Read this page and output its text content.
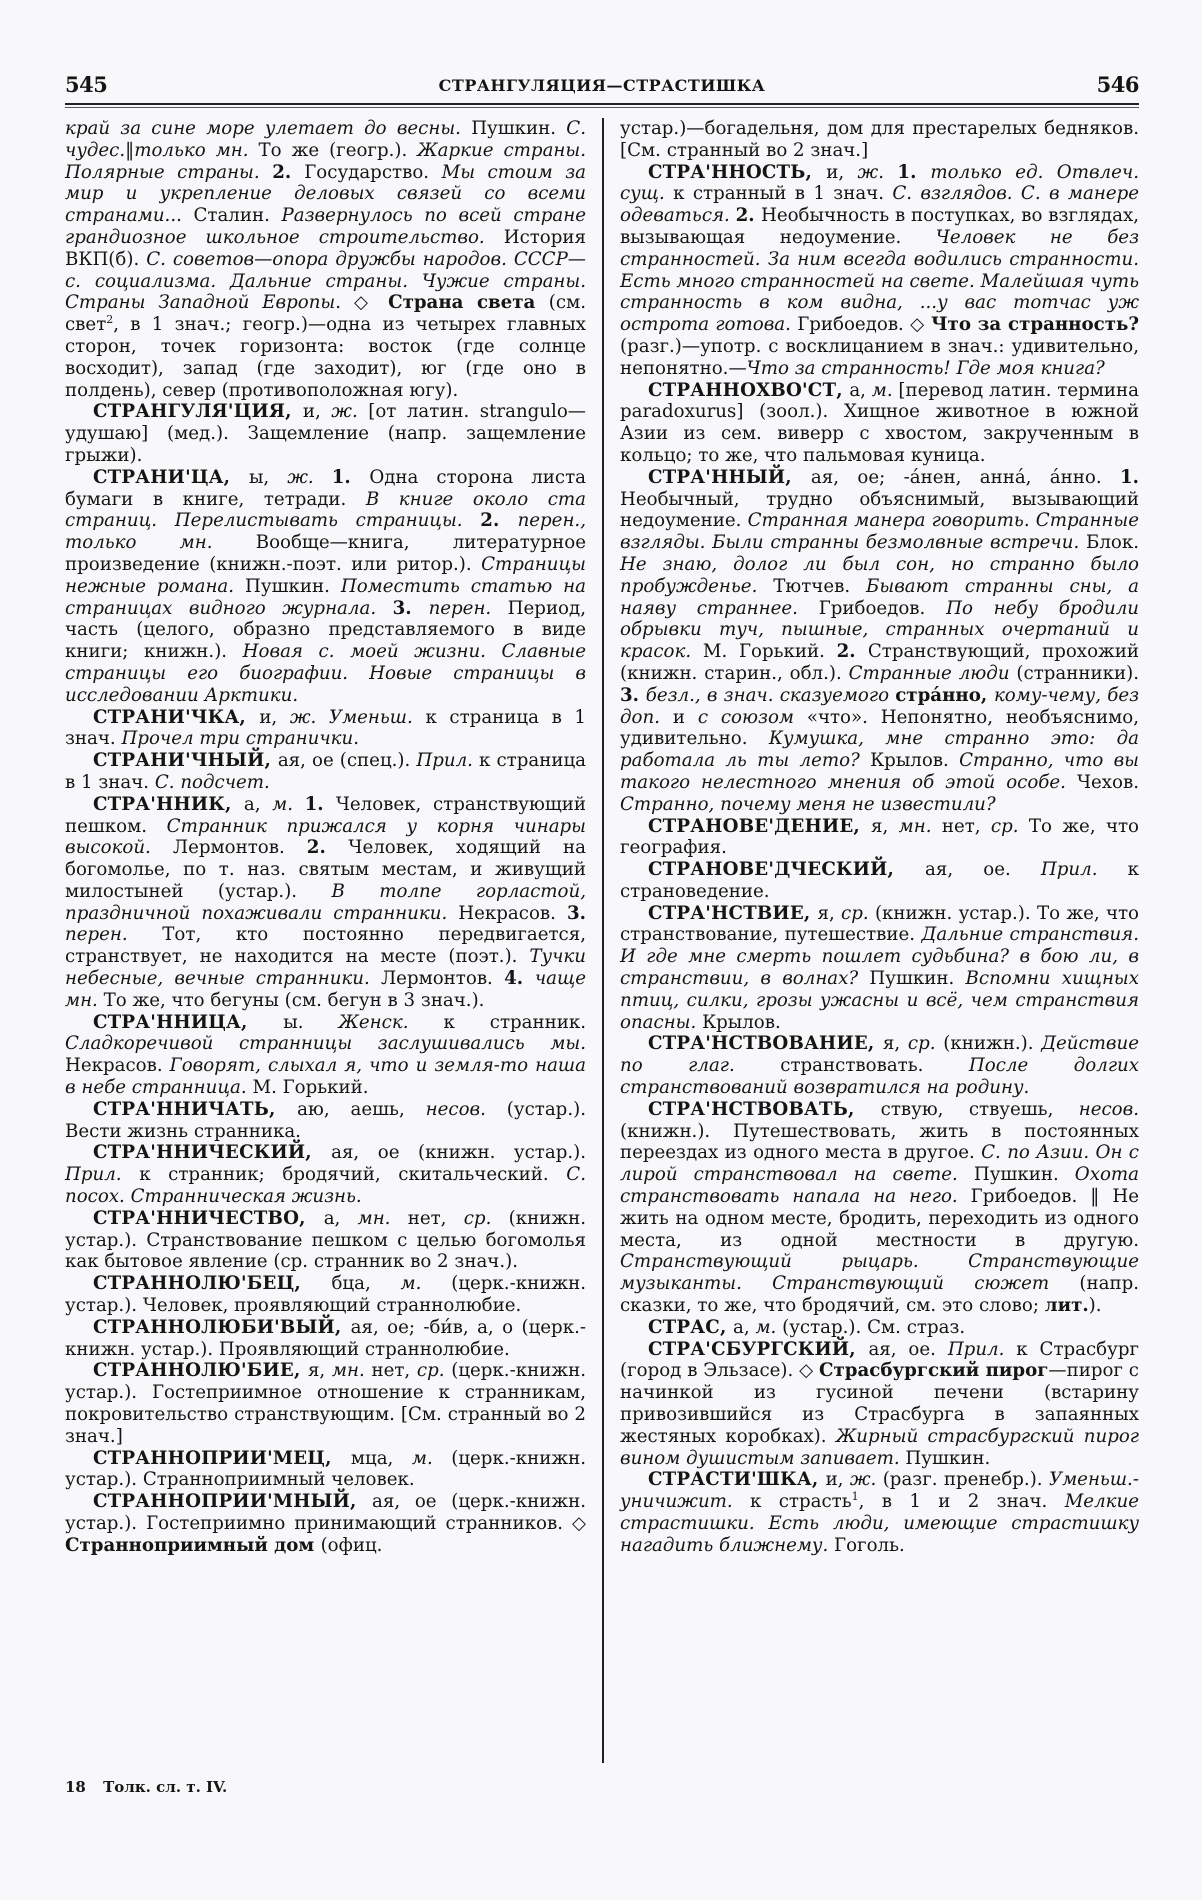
545	СТРАНГУЛЯЦИЯ—СТРАСТИШКА	546

край за сине море улетает до весны. Пушкин. С. чудес.‖только мн. То же (геогр.). Жаркие страны. Полярные страны. 2. Государство. Мы стоим за мир и укрепление деловых связей со всеми странами... Сталин. Развернулось по всей стране грандиозное школьное строительство. История ВКП(б). С. советов—опора дружбы народов. СССР—с. социализма. Дальние страны. Чужие страны. Страны Западной Европы. ◇ Страна света (см. свет$^2$, в 1 знач.; геогр.)—одна из четырех главных сторон, точек горизонта: восток (где солнце восходит), запад (где заходит), юг (где оно в полдень), север (противоположная югу).

СТРАНГУЛЯ'ЦИЯ, и, ж. [от латин. strangulo—удушаю] (мед.). Защемление (напр. защемление грыжи).

СТРАНИ'ЦА, ы, ж. 1. Одна сторона листа бумаги в книге, тетради. В книге около ста страниц. Перелистывать страницы. 2. перен., только мн. Вообще—книга, литературное произведение (книжн.-поэт. или ритор.). Страницы нежные романа. Пушкин. Поместить статью на страницах видного журнала. 3. перен. Период, часть (целого, образно представляемого в виде книги; книжн.). Новая с. моей жизни. Славные страницы его биографии. Новые страницы в исследовании Арктики.

СТРАНИ'ЧКА, и, ж. Уменьш. к страница в 1 знач. Прочел три странички.

СТРАНИ'ЧНЫЙ, ая, ое (спец.). Прил. к страница в 1 знач. С. подсчет.

СТРА'ННИК, а, м. 1. Человек, странствующий пешком. Странник прижался у корня чинары высокой. Лермонтов. 2. Человек, ходящий на богомолье, по т. наз. святым местам, и живущий милостыней (устар.). В толпе горластой, праздничной похаживали странники. Некрасов. 3. перен. Тот, кто постоянно передвигается, странствует, не находится на месте (поэт.). Тучки небесные, вечные странники. Лермонтов. 4. чаще мн. То же, что бегуны (см. бегун в 3 знач.).

СТРА'ННИЦА, ы. Женск. к странник. Сладкоречивой странницы заслушивались мы. Некрасов. Говорят, слыхал я, что и земля-то наша в небе странница. М. Горький.

СТРА'ННИЧАТЬ, аю, аешь, несов. (устар.). Вести жизнь странника.

СТРА'ННИЧЕСКИЙ, ая, ое (книжн. устар.). Прил. к странник; бродячий, скитальческий. С. посох. Странническая жизнь.

СТРА'ННИЧЕСТВО, а, мн. нет, ср. (книжн. устар.). Странствование пешком с целью богомолья как бытовое явление (ср. странник во 2 знач.).

СТРАННОЛЮ'БЕЦ, бца, м. (церк.-книжн. устар.). Человек, проявляющий страннолюбие.

СТРАННОЛЮБИ'ВЫЙ, ая, ое; -би́в, а, о (церк.-книжн. устар.). Проявляющий страннолюбие.

СТРАННОЛЮ'БИЕ, я, мн. нет, ср. (церк.-книжн. устар.). Гостеприимное отношение к странникам, покровительство странствующим. [См. странный во 2 знач.]

СТРАННОПРИИ'МЕЦ, мца, м. (церк.-книжн. устар.). Странноприимный человек.

СТРАННОПРИИ'МНЫЙ, ая, ое (церк.-книжн. устар.). Гостеприимно принимающий странников. ◇ Странноприимный дом (офиц.

устар.)—богадельня, дом для престарелых бедняков. [См. странный во 2 знач.]

СТРА'ННОСТЬ, и, ж. 1. только ед. Отвлеч. сущ. к странный в 1 знач. С. взглядов. С. в манере одеваться. 2. Необычность в поступках, во взглядах, вызывающая недоумение. Человек не без странностей. За ним всегда водились странности. Есть много странностей на свете. Малейшая чуть странность в ком видна, ...у вас тотчас уж острота готова. Грибоедов. ◇ Что за странность? (разг.)—употр. с восклицанием в знач.: удивительно, непонятно.—Что за странность! Где моя книга?

СТРАННОХВО'СТ, а, м. [перевод латин. термина paradoxurus] (зоол.). Хищное животное в южной Азии из сем. виверр с хвостом, закрученным в кольцо; то же, что пальмовая куница.

СТРА'ННЫЙ, ая, ое; -а́нен, анна́, а́нно. 1. Необычный, трудно объяснимый, вызывающий недоумение. Странная манера говорить. Странные взгляды. Были странны безмолвные встречи. Блок. Не знаю, долог ли был сон, но странно было пробужденье. Тютчев. Бывают странны сны, а наяву страннее. Грибоедов. По небу бродили обрывки туч, пышные, странных очертаний и красок. М. Горький. 2. Странствующий, прохожий (книжн. старин., обл.). Странные люди (странники). 3. безл., в знач. сказуемого стра́нно, кому-чему, без доп. и с союзом «что». Непонятно, необъяснимо, удивительно. Кумушка, мне странно это: да работала ль ты лето? Крылов. Странно, что вы такого нелестного мнения об этой особе. Чехов. Странно, почему меня не известили?

СТРАНОВЕ'ДЕНИЕ, я, мн. нет, ср. То же, что география.

СТРАНОВЕ'ДЧЕСКИЙ, ая, ое. Прил. к страноведение.

СТРА'НСТВИЕ, я, ср. (книжн. устар.). То же, что странствование, путешествие. Дальние странствия. И где мне смерть пошлет судьбина? в бою ли, в странствии, в волнах? Пушкин. Вспомни хищных птиц, силки, грозы ужасны и всё, чем странствия опасны. Крылов.

СТРА'НСТВОВАНИЕ, я, ср. (книжн.). Действие по глаг. странствовать. После долгих странствований возвратился на родину.

СТРА'НСТВОВАТЬ, ствую, ствуешь, несов. (книжн.). Путешествовать, жить в постоянных переездах из одного места в другое. С. по Азии. Он с лирой странствовал на свете. Пушкин. Охота странствовать напала на него. Грибоедов. ‖ Не жить на одном месте, бродить, переходить из одного места, из одной местности в другую. Странствующий рыцарь. Странствующие музыканты. Странствующий сюжет (напр. сказки, то же, что бродячий, см. это слово; лит.).

СТРАС, а, м. (устар.). См. страз.

СТРА'СБУРГСКИЙ, ая, ое. Прил. к Страсбург (город в Эльзасе). ◇ Страсбургский пирог—пирог с начинкой из гусиной печени (встарину привозившийся из Страсбурга в запаянных жестяных коробках). Жирный страсбургский пирог вином душистым запивает. Пушкин.

СТРАСТИ'ШКА, и, ж. (разг. пренебр.). Уменьш.-уничижит. к страсть$^1$, в 1 и 2 знач. Мелкие страстишки. Есть люди, имеющие страстишку нагадить ближнему. Гоголь.

18 Толк. сл. т. IV.
